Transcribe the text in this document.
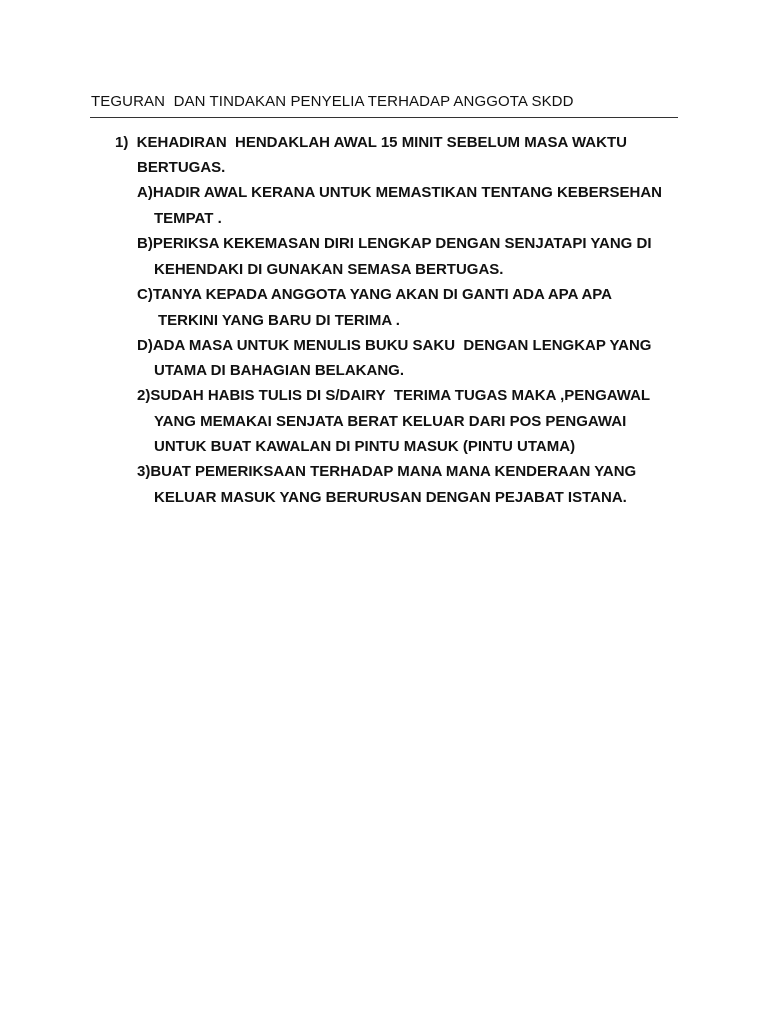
TEGURAN  DAN TINDAKAN PENYELIA TERHADAP ANGGOTA SKDD
1)  KEHADIRAN  HENDAKLAH AWAL 15 MINIT SEBELUM MASA WAKTU
BERTUGAS.
A)HADIR AWAL KERANA UNTUK MEMASTIKAN TENTANG KEBERSEHAN
TEMPAT .
B)PERIKSA KEKEMASAN DIRI LENGKAP DENGAN SENJATAPI YANG DI
KEHENDAKI DI GUNAKAN SEMASA BERTUGAS.
C)TANYA KEPADA ANGGOTA YANG AKAN DI GANTI ADA APA APA
TERKINI YANG BARU DI TERIMA .
D)ADA MASA UNTUK MENULIS BUKU SAKU  DENGAN LENGKAP YANG
UTAMA DI BAHAGIAN BELAKANG.
2)SUDAH HABIS TULIS DI S/DAIRY  TERIMA TUGAS MAKA ,PENGAWAL
YANG MEMAKAI SENJATA BERAT KELUAR DARI POS PENGAWAI
UNTUK BUAT KAWALAN DI PINTU MASUK (PINTU UTAMA)
3)BUAT PEMERIKSAAN TERHADAP MANA MANA KENDERAAN YANG
KELUAR MASUK YANG BERURUSAN DENGAN PEJABAT ISTANA.
